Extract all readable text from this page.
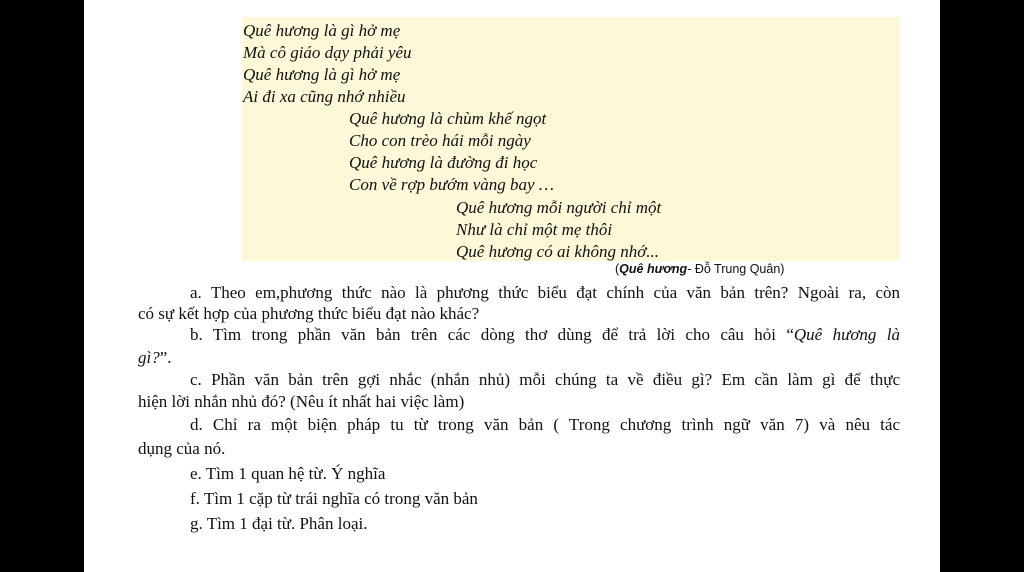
Quê hương là gì hở mẹ
Mà cô giáo dạy phải yêu
Quê hương là gì hở mẹ
Ai đi xa cũng nhớ nhiều
Quê hương là chùm khế ngọt
Cho con trèo hái mỗi ngày
Quê hương là đường đi học
Con về rợp bướm vàng bay …
Quê hương mỗi người chỉ một
Như là chỉ một mẹ thôi
Quê hương có ai không nhớ...
(Quê hương- Đỗ Trung Quân)
a. Theo em,phương thức nào là phương thức biểu đạt chính của văn bản trên? Ngoài ra, còn
có sự kết hợp của phương thức biểu đạt nào khác?
b. Tìm trong phần văn bản trên các dòng thơ dùng để trả lời cho câu hỏi “Quê hương là
gì?”.
c. Phần văn bản trên gợi nhắc (nhắn nhủ) mỗi chúng ta về điều gì? Em cần làm gì để thực
hiện lời nhắn nhủ đó? (Nêu ít nhất hai việc làm)
d. Chỉ ra một biện pháp tu từ trong văn bản ( Trong chương trình ngữ văn 7) và nêu tác
dụng của nó.
e. Tìm 1 quan hệ từ. Ý nghĩa
f. Tìm 1 cặp từ trái nghĩa có trong văn bản
g. Tìm 1 đại từ. Phân loại.
